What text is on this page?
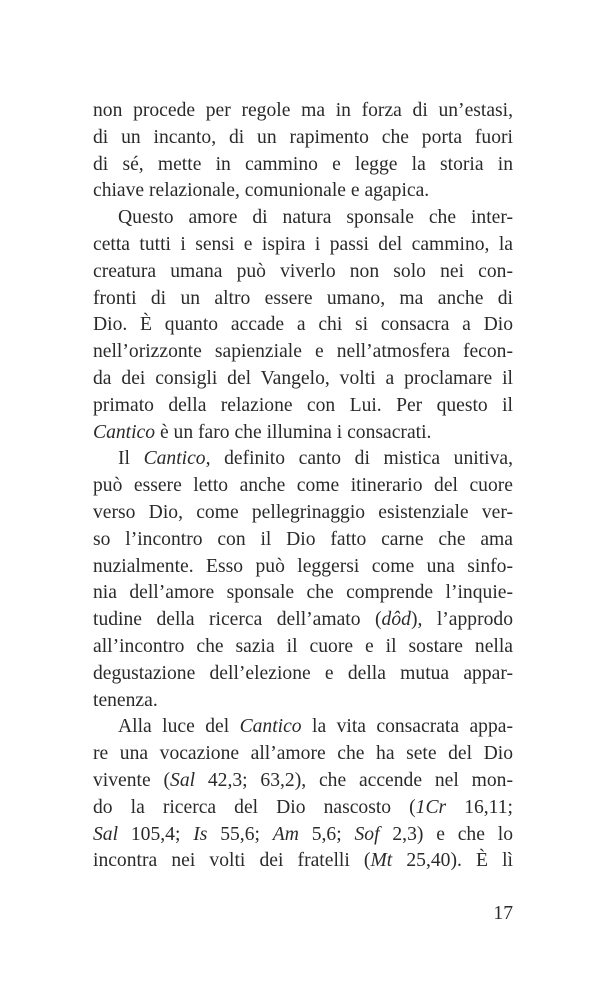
non procede per regole ma in forza di un’estasi,
di un incanto, di un rapimento che porta fuori
di sé, mette in cammino e legge la storia in
chiave relazionale, comunionale e agapica.
Questo amore di natura sponsale che inter-
cetta tutti i sensi e ispira i passi del cammino, la
creatura umana può viverlo non solo nei con-
fronti di un altro essere umano, ma anche di
Dio. È quanto accade a chi si consacra a Dio
nell’orizzonte sapienziale e nell’atmosfera fecon-
da dei consigli del Vangelo, volti a proclamare il
primato della relazione con Lui. Per questo il
Cantico è un faro che illumina i consacrati.
Il Cantico, definito canto di mistica unitiva,
può essere letto anche come itinerario del cuore
verso Dio, come pellegrinaggio esistenziale ver-
so l’incontro con il Dio fatto carne che ama
nuzialmente. Esso può leggersi come una sinfo-
nia dell’amore sponsale che comprende l’inquie-
tudine della ricerca dell’amato (dôd), l’approdo
all’incontro che sazia il cuore e il sostare nella
degustazione dell’elezione e della mutua appar-
tenenza.
Alla luce del Cantico la vita consacrata appa-
re una vocazione all’amore che ha sete del Dio
vivente (Sal 42,3; 63,2), che accende nel mon-
do la ricerca del Dio nascosto (1Cr 16,11;
Sal 105,4; Is 55,6; Am 5,6; Sof 2,3) e che lo
incontra nei volti dei fratelli (Mt 25,40). È lì
17
